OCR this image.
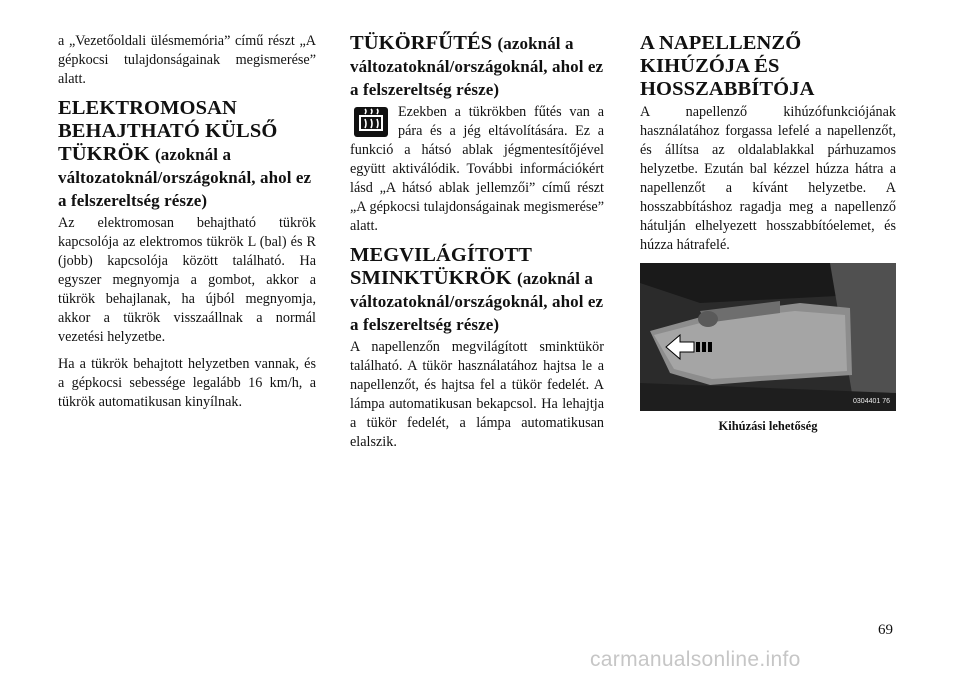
a „Vezetőoldali ülésmemória” című részt „A gépkocsi tulajdonságainak megismerése” alatt.

ELEKTROMOSAN BEHAJTHATÓ KÜLSŐ TÜKRÖK (azoknál a változatoknál/országoknál, ahol ez a felszereltség része)

Az elektromosan behajtható tükrök kapcsolója az elektromos tükrök L (bal) és R (jobb) kapcsolója között található. Ha egyszer megnyomja a gombot, akkor a tükrök behajlanak, ha újból megnyomja, akkor a tükrök visszaállnak a normál vezetési helyzetbe.

Ha a tükrök behajtott helyzetben vannak, és a gépkocsi sebessége legalább 16 km/h, a tükrök automatikusan kinyílnak.

TÜKÖRFŰTÉS (azoknál a változatoknál/országoknál, ahol ez a felszereltség része)

Ezekben a tükrökben fűtés van a pára és a jég eltávolítására. Ez a funkció a hátsó ablak jégmentesítőjével együtt aktiválódik. További információkért lásd „A hátsó ablak jellemzői” című részt „A gépkocsi tulajdonságainak megismerése” alatt.

MEGVILÁGÍTOTT SMINKTÜKRÖK (azoknál a változatoknál/országoknál, ahol ez a felszereltség része)

A napellenzőn megvilágított sminktükör található. A tükör használatához hajtsa le a napellenzőt, és hajtsa fel a tükör fedelét. A lámpa automatikusan bekapcsol. Ha lehajtja a tükör fedelét, a lámpa automatikusan elalszik.

A NAPELLENZŐ KIHÚZÓJA ÉS HOSSZABBÍTÓJA

A napellenző kihúzófunkciójának használatához forgassa lefelé a napellenzőt, és állítsa az oldalablakkal párhuzamos helyzetbe. Ezután bal kézzel húzza hátra a napellenzőt a kívánt helyzetbe. A hosszabbításhoz ragadja meg a napellenző hátulján elhelyezett hosszabbítóelemet, és húzza hátrafelé.

0304401 76
Kihúzási lehetőség
69
carmanualsonline.info
